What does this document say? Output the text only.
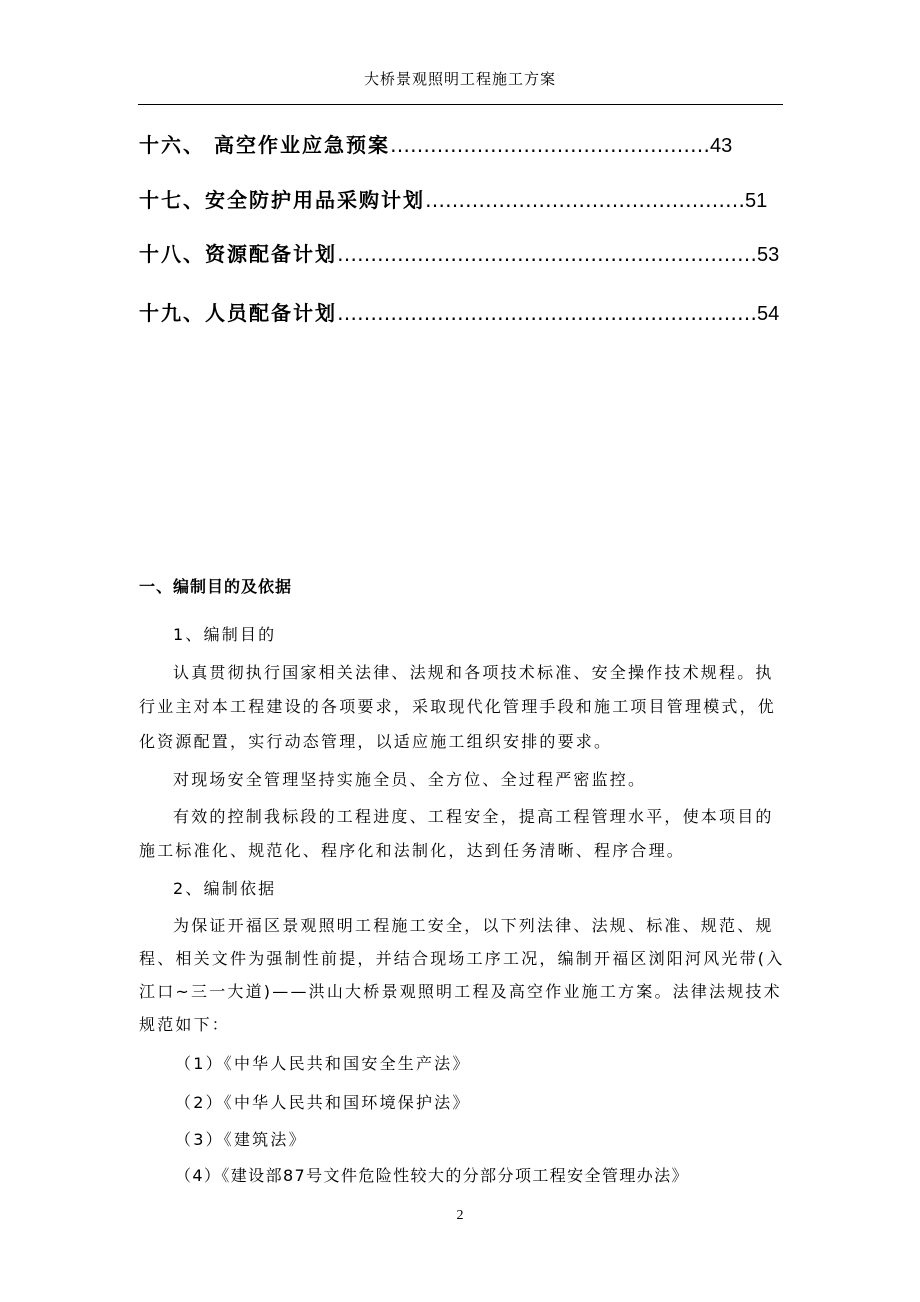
大桥景观照明工程施工方案
十六、 高空作业应急预案…………………………………………43
十七、安全防护用品采购计划…………………………………………51
十八、资源配备计划………………………………………………………53
十九、人员配备计划………………………………………………………54
一、编制目的及依据
1、编制目的
认真贯彻执行国家相关法律、法规和各项技术标准、安全操作技术规程。执
行业主对本工程建设的各项要求，采取现代化管理手段和施工项目管理模式，优
化资源配置，实行动态管理，以适应施工组织安排的要求。
对现场安全管理坚持实施全员、全方位、全过程严密监控。
有效的控制我标段的工程进度、工程安全，提高工程管理水平，使本项目的
施工标准化、规范化、程序化和法制化，达到任务清晰、程序合理。
2、编制依据
为保证开福区景观照明工程施工安全，以下列法律、法规、标准、规范、规
程、相关文件为强制性前提，并结合现场工序工况，编制开福区浏阳河风光带(入
江口~三一大道)——洪山大桥景观照明工程及高空作业施工方案。法律法规技术
规范如下：
（1）《中华人民共和国安全生产法》
（2）《中华人民共和国环境保护法》
（3）《建筑法》
（4）《建设部87号文件危险性较大的分部分项工程安全管理办法》
2
